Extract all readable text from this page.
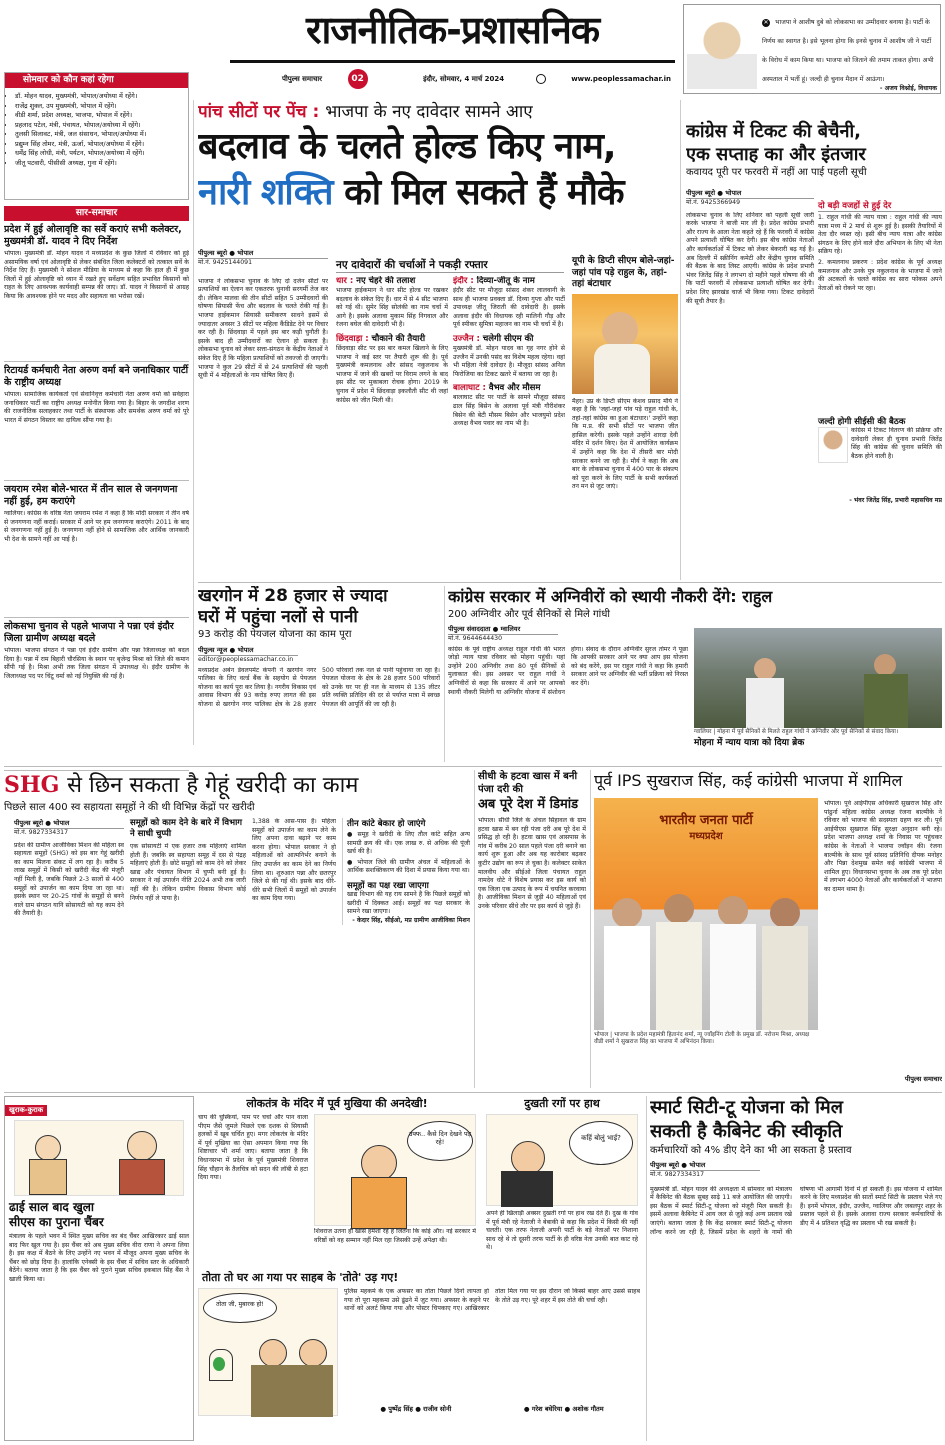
राजनीतिक-प्रशासनिक
पीपुल्स समाचार	02	इंदौर, सोमवार, 4 मार्च 2024	www.peoplessamachar.in
✕ भाजपा ने आशीष दुबे को लोकसभा का उम्मीदवार बनाया है। पार्टी के निर्णय का स्वागत है। इसे भूलना होगा कि इनसे चुनाव में आशीष जी ने पार्टी के विरोध में काम किया था। भाजपा को जिताने की तमाम ताकत होगा। अभी अस्पताल में भर्ती हूं। जल्दी ही चुनाव मैदान में आऊंगा।
- अजय विश्नोई, विधायक
सोमवार को कौन कहां रहेगा
• डॉ. मोहन यादव, मुख्यमंत्री, भोपाल/अयोध्या में रहेंगे।
• राजेंद्र शुक्ल, उप मुख्यमंत्री, भोपाल में रहेंगे।
• वीडी शर्मा, प्रदेश अध्यक्ष, भाजपा, भोपाल में रहेंगे।
• प्रहलाद पटेल, मंत्री, पंचायत, भोपाल/अयोध्या में रहेंगे।
• तुलसी सिलावट, मंत्री, जल संसाधन, भोपाल/अयोध्या में।
• प्रद्युम्न सिंह तोमर, मंत्री, ऊर्जा, भोपाल/अयोध्या में रहेंगे।
• धर्मेंद्र सिंह लोधी, मंत्री, पर्यटन, भोपाल/अयोध्या में रहेंगे।
• जीतू पटवारी, पीसीसी अध्यक्ष, गुना में रहेंगे।
सार-समाचार
प्रदेश में हुई ओलावृष्टि का सर्वे कराएं सभी कलेक्टर, मुख्यमंत्री डॉ. यादव ने दिए निर्देश
भोपाल। मुख्यमंत्री डॉ. मोहन यादव ने मध्यप्रदेश के कुछ जिलों में रविवार को हुई असामयिक वर्षा एवं ओलावृष्टि से लेकर संबंधित जिला कलेक्टरों को तत्काल सर्वे के निर्देश दिए हैं। मुख्यमंत्री ने सोशल मीडिया के माध्यम से कहा कि हाल ही में कुछ जिलों में हुई ओलावृष्टि को ध्यान में रखते हुए सर्वेक्षण सहित प्रभावित किसानों को राहत के लिए आवश्यक कार्यवाही सम्पन्न की जाए। डॉ. यादव ने किसानों से आग्रह किया कि आवश्यक होने पर मदद और सहायता का भरोसा रखें।
रिटायर्ड कर्मचारी नेता अरुण वर्मा बने जनाधिकार पार्टी के राष्ट्रीय अध्यक्ष
भोपाल। सामाजिक कार्यकर्ता एवं सेवानिवृत्त कर्मचारी नेता अरुण वर्मा को सर्वहारा जनाधिकार पार्टी का राष्ट्रीय अध्यक्ष मनोनीत किया गया है। बिहार के जगदीश शरण की राजनीतिक सलाहकार तथा पार्टी के संस्थापक और समर्थक अरुण वर्मा को पूरे भारत में संगठन विस्तार का दायित्व सौंपा गया है।
जयराम रमेश बोले-भारत में तीन साल से जनगणना नहीं हुई, हम कराएंगे
ग्वालियर। कांग्रेस के वरिष्ठ नेता जयराम रमेश ने कहा है कि मोदी सरकार ने तीन वर्ष से जनगणना नहीं कराई। सरकार में आने पर हम जनगणना कराएंगे। 2011 के बाद से जनगणना नहीं हुई है। जनगणना नहीं होने से सामाजिक और आर्थिक जानकारी भी देश के सामने नहीं आ पाई है।
लोकसभा चुनाव से पहले भाजपा ने पन्ना एवं इंदौर जिला ग्रामीण अध्यक्ष बदले
भोपाल। भाजपा संगठन ने पन्ना एवं इंदौर ग्रामीण और पन्ना जिलाध्यक्ष को बदल दिया है। पन्ना में राम बिहारी चौरसिया के स्थान पर बृजेन्द्र मिश्रा को जिले की कमान सौंपी गई है। मिश्रा अभी तक जिला संगठन में उपाध्यक्ष थे। इंदौर ग्रामीण के जिलाध्यक्ष पद पर चिंटू वर्मा को नई नियुक्ति की गई है।
पांच सीटों पर पेंच : भाजपा के नए दावेदार सामने आए
बदलाव के चलते होल्ड किए नाम,
नारी शक्ति को मिल सकते हैं मौके
पीपुल्स ब्यूरो ● भोपाल
मो.नं. 9425144091
भाजपा ने लोकसभा चुनाव के लिए दो दर्जन सीटों पर प्रत्याशियों का ऐलान कर एकतरफ चुनावी सरगर्मी तेज कर दी। लेकिन मालवा की तीन सीटों सहित 5 उम्मीदवारों की घोषणा सियासी फेंच और बदलाव के चलते रोकी गई है। भाजपा हाईकमान सियासी समीकरण साधने इसमें से ज्यादातर अवसर 3 सीटों पर महिला कैंडिडेट देने पर विचार कर रही है। छिंदवाड़ा में पहले इस बार कड़ी चुनौती है। इसके बाद ही उम्मीदवारों का ऐलान हो सकता है। लोकसभा चुनाव को लेकर सत्ता-संगठन के केंद्रीय नेताओं ने संकेत दिए हैं कि महिला प्रत्याशियों को तवज्जो दी जाएगी। भाजपा ने कुल 29 सीटों में से 24 प्रत्याशियों की पहली सूची में 4 महिलाओं के नाम घोषित किए हैं।
नए दावेदारों की चर्चाओं ने पकड़ी रफ्तार
धार : नए चेहरे की तलाश
भाजपा हाईकमान ने धार सीट होल्ड पर रखकर बदलाव के संकेत दिए हैं। धार में से 4 सीट भाजपा को गई थी। सुमेर सिंह सोलंकी का नाम चर्चा में आगे है। इसके अलावा मुकाम सिंह निगवाल और रंजना बघेल की दावेदारी भी है।
छिंदवाड़ा : चौकाने की तैयारी
छिंदवाड़ा सीट पर इस बार कमल खिलाने के लिए भाजपा ने कई स्तर पर तैयारी शुरू की है। पूर्व मुख्यमंत्री कमलनाथ और सांसद नकुलनाथ के भाजपा में जाने की खबरों पर विराम लगने के बाद इस सीट पर मुकाबला रोचक होगा। 2019 के चुनाव में प्रदेश में छिंदवाड़ा इकलौती सीट थी जहां कांग्रेस को जीत मिली थी।
इंदौर : दिव्या-जीतू के नाम
इंदौर सीट पर मौजूदा सांसद शंकर लालवानी के साथ ही भाजपा प्रवक्ता डॉ. दिव्या गुप्ता और पार्टी उपाध्यक्ष जीतू जिराती की दावेदारी है। इसके अलावा इंदौर की विधायक रही मालिनी गौड़ और पूर्व स्पीकर सुमित्रा महाजन का नाम भी चर्चा में है।
उज्जैन : चलेगी सीएम की
मुख्यमंत्री डॉ. मोहन यादव का गृह नगर होने से उज्जैन में उनकी पसंद का विशेष महत्व रहेगा। वहां भी महिला नेत्री दावेदार है। मौजूदा सांसद अनिल फिरोजिया का टिकट खतरे में बताया जा रहा है।
बालाघाट : वैभव और मौसम
बालाघाट सीट पर पार्टी के सामने मौजूदा सांसद ढाल सिंह बिसेन के अलावा पूर्व मंत्री गौरीशंकर बिसेन की बेटी मौसम बिसेन और भाजयुमो प्रदेश अध्यक्ष वैभव पवार का नाम भी है।
यूपी के डिप्टी सीएम बोले-जहां-जहां पांव पड़े राहुल के, तहां-तहां बंटाधार
मैहर। उप्र के डिप्टी सीएम केशव प्रसाद मौर्य ने कहा है कि 'जहां-जहां पांव पड़े राहुल गांधी के, तहां-तहां कांग्रेस का हुआ बंटाधार।' उन्होंने कहा कि म.प्र. की सभी सीटों पर भाजपा जीत हासिल करेगी। इसके पहले उन्होंने शारदा देवी मंदिर में दर्शन किए। देश में आयोजित कार्यक्रम में उन्होंने कहा कि देश में तीसरी बार मोदी सरकार बनने जा रही है। मौर्य ने कहा कि अब बार के लोकसभा चुनाव में 400 पार के संकल्प को पूरा करने के लिए पार्टी के सभी कार्यकर्ता तन मन से जुट जाएं।
कांग्रेस में टिकट की बेचैनी,
एक सप्ताह का और इंतजार
कवायद पूरी पर फरवरी में नहीं आ पाई पहली सूची
पीपुल्स ब्यूरो ● भोपाल
मो.नं. 9425366949
लोकसभा चुनाव के लिए शनिवार को पहली सूची जारी करके भाजपा ने बाजी मार ली है। प्रदेश कांग्रेस प्रभारी और राज्य के आला नेता कहते रहे हैं कि फरवरी में कांग्रेस अपने प्रत्याशी घोषित कर देगी। इस बीच कांग्रेस नेताओं और कार्यकर्ताओं में टिकट को लेकर बेकरारी बढ़ गई है। अब दिल्ली में स्क्रीनिंग कमेटी और केंद्रीय चुनाव समिति की बैठक के बाद लिस्ट आएगी। कांग्रेस के प्रदेश प्रभारी भंवर जितेंद्र सिंह ने लगभग दो महीने पहले घोषणा की थी कि पार्टी फरवरी में लोकसभा प्रत्याशी घोषित कर देगी। प्रदेश लिए झारखंड चार्ज भी किया गया। टिकट दावेदारों की सूची तैयार है।
दो बड़ी वजहों से हुई देर
1. राहुल गांधी की न्याय यात्रा : राहुल गांधी की न्याय यात्रा मध्य में 2 मार्च से शुरू हुई है। इसकी तैयारियों में नेता दौर व्यस्त रहे। इसी बीच न्याय यात्रा और कांग्रेस संगठन के लिए होने वाले दौरा अभियान के लिए भी नेता सक्रिय रहे।
2. कमलनाथ प्रकरण : प्रदेश कांग्रेस के पूर्व अध्यक्ष कमलनाथ और उनके पुत्र नकुलनाथ के भाजपा में जाने की अटकलों के चलते कांग्रेस का सारा फोकस अपने नेताओं को रोकने पर रहा।
जल्दी होगी सीईसी की बैठक
कांग्रेस में टिकट वितरण की प्रक्रिया और दावेदारी लेकर ही चुनाव प्रभारी जितेंद्र सिंह की कांग्रेस की चुनाव समिति की बैठक होने वाली है।
- भंवर जितेंद्र सिंह, प्रभारी महासचिव मप्र
खरगोन में 28 हजार से ज्यादा
घरों में पहुंचा नलों से पानी
93 करोड़ की पेयजल योजना का काम पूरा
पीपुल्स न्यूज ● भोपाल
editor@peoplessamachar.co.in
मध्यप्रदेश अर्बन डेवलपमेंट कंपनी ने खरगोन नगर पालिका के लिए वर्ल्ड बैंक के सहयोग से पेयजल योजना का कार्य पूरा कर लिया है। नगरीय विकास एवं आवास विभाग की 93 करोड़ रुपए लागत की इस योजना से खरगोन नगर पालिका क्षेत्र के 28 हजार 500 परिवारों तक नल से पानी पहुंचाया जा रहा है। पेयजल योजना के क्षेत्र के 28 हजार 500 परिवारों को उनके घर पर ही नल के माध्यम से 135 लीटर प्रति व्यक्ति प्रतिदिन की दर से पर्याप्त मात्रा में स्वच्छ पेयजल की आपूर्ति की जा रही है।
कांग्रेस सरकार में अग्निवीरों को स्थायी नौकरी देंगे: राहुल
200 अग्निवीर और पूर्व सैनिकों से मिले गांधी
पीपुल्स संवाददाता ● ग्वालियर
मो.नं. 9644644430
कांग्रेस के पूर्व राष्ट्रीय अध्यक्ष राहुल गांधी की भारत जोड़ो न्याय यात्रा रविवार को मोहना पहुंची। यहां उन्होंने 200 अग्निवीर तथा 80 पूर्व सैनिकों से मुलाकात की। इस अवसर पर राहुल गांधी ने अग्निवीरों से कहा कि सरकार में आने पर आपको स्थायी नौकरी मिलेगी या अग्निवीर योजना में संशोधन होगा। संवाद के दौरान अग्निवीर सुरज तोमर ने पूछा कि आपकी सरकार आने पर क्या आप इस योजना को बंद करेंगे, इस पर राहुल गांधी ने कहा कि हमारी सरकार आने पर अग्निवीर की भर्ती प्रक्रिया को निरस्त कर देंगे।
ग्वालियर | मोहना में पूर्व सैनिकों से मिलते राहुल गांधी ने अग्निवीर और पूर्व सैनिकों से संवाद किया।
मोहना में न्याय यात्रा को दिया ब्रेक
SHG से छिन सकता है गेहूं खरीदी का काम
पिछले साल 400 स्व सहायता समूहों ने की थी विभिन्न केंद्रों पर खरीदी
पीपुल्स ब्यूरो ● भोपाल
मो.नं. 9827334317
प्रदेश की ग्रामीण आजीविका मिशन की महिला स्व सहायता समूहों (SHG) को इस बार गेहूं खरीदी का काम मिलना संकट में लग रहा है। करीब 5 लाख समूहों में किसी को खरीदी केंद्र की मंजूरी नहीं मिली है, जबकि पिछले 2-3 सालों से 400 समूहों को उपार्जन का काम दिया जा रहा था। इसके स्थान पर 20-25 गांवों के समूहों से बनने वाले ग्राम संगठन यानि सोसायटी को यह काम देने की तैयारी है।
समूहों को काम देने के बारे में विभाग ने साधी चुप्पी
एक सोसायटी में एक हजार तक महिलाएं शामिल होती हैं। जबकि स्व सहायता समूह में दस से पंद्रह महिलाएं होती हैं। छोटे समूहों को काम देने को लेकर खाद्य और पंचायत विभाग में चुप्पी बनी हुई है। सरकार ने नई उपार्जन नीति 2024 अभी तक जारी नहीं की है। लेकिन ग्रामीण विकास विभाग कोई निर्णय नहीं ले पाया है।
1,388 के आस-पास है। महिला समूहों को उपार्जन का काम लेने के लिए अपना दावा बढ़ाने पर काम करना होगा। भोपाल सरकार ने हो महिलाओं को आत्मनिर्भर बनाने के लिए उपार्जन का काम देने का निर्णय लिया था। शुरुआत पन्ना और छतरपुर जिले से की गई थी। इसके बाद धीरे-धीरे सभी जिलों में समूहों को उपार्जन का काम दिया गया।
तीन कांटे बेकार हो जाएंगे
● समूह ने खरीदी के लिए तौल कांटे सहित अन्य सामग्री क्रय की थी। एक लाख रु. से अधिक की पूंजी खर्च की है।
● भोपाल जिले की ग्रामीण अंचल में महिलाओं के आर्थिक सशक्तिकरण की दिशा में प्रयास किया गया था।
समूहों का पक्ष रखा जाएगा
खाद्य विभाग की यह राय सामने है कि पिछले समूहों को खरीदी में दिक्कत आई। समूहों का पक्ष सरकार के सामने रखा जाएगा।
- केदार सिंह, सीईओ, मप्र ग्रामीण आजीविका मिशन
सीधी के हटवा खास में बनी पंजा दरी की
अब पूरे देश में डिमांड
भोपाल। सीधी जिले के अंचल सिहावल के ग्राम हटवा खास में बन रही पंजा दरी अब पूरे देश में प्रसिद्ध हो रही है। हटवा खास एवं आसपास के गांव में करीब 20 साल पहले पंजा दरी बनाने का कार्य शुरू हुआ और अब यह कारोबार बढ़कर कुटीर उद्योग का रूप ले चुका है। कलेक्टर साकेत मालवीय और सीईओ जिला पंचायत राहुल नामदेव धोटे ने विशेष प्रयास कर इस कार्य को एक जिला एक उत्पाद के रूप में चयनित करवाया है। आजीविका मिशन से जुड़ी 40 महिलाओं एवं उनके परिवार सीधे तौर पर इस कार्य से जुड़े हैं।
पूर्व IPS सुखराज सिंह, कई कांग्रेसी भाजपा में शामिल
भारतीय जनता पार्टी
मध्यप्रदेश
भोपाल | भाजपा के प्रदेश महामंत्री हितानंद शर्मा, न्यू ज्वॉइनिंग टोली के प्रमुख डॉ. नरोत्तम मिश्रा, अध्यक्ष वीडी शर्मा ने सुखराज सिंह का भाजपा में अभिनंदन किया।
भोपाल। पूर्व आईपीएस अधिकारी सुखराज सिंह और पांढुर्ना महिला कांग्रेस अध्यक्ष रंजना बाल्मीके ने रविवार को भाजपा की सदस्यता ग्रहण कर ली। पूर्व आईपीएस सुखराज सिंह सुरक्षा अनुदान बनी रहे। प्रदेश भाजपा अध्यक्ष शर्मा के निवास पर पहुंचकर कांग्रेस के नेताओं ने भाजपा ज्वॉइन की। रंजना बाल्मीके के साथ पूर्व सांसद प्रतिनिधि दीपक मनोहर और पिन्ना देशमुख समेत कई कांग्रेसी भाजपा में शामिल हुए। विधानसभा चुनाव के अब तक पूरे प्रदेश में लगभग 4000 नेताओं और कार्यकर्ताओं ने भाजपा का दामन थामा है।
पीपुल्स समाचार
खुराक-कुराक
ढाई साल बाद खुला
सीएस का पुराना चैंबर
मंत्रालय के पहले भवन में स्थित मुख्य सचिव का बंद चैंबर आखिरकार ढाई साल बाद फिर खुल गया है। इस चैंबर को अब मुख्य सचिव वीरा राणा ने अपना लिया है। इस कक्ष में बैठने के लिए उन्होंने नए भवन में मौजूद अपना मुख्य सचिव के चैंबर को छोड़ दिया है। हालांकि एनेक्सी के इस चैंबर में सचिव स्तर के अधिकारी बैठेंगे। बताया जाता है कि इस चैंबर को पुराने मुख्य सचिव इकबाल सिंह बैंस ने खाली किया था।
लोकतंत्र के मंदिर में पूर्व मुखिया की अनदेखी!
चाय की चुस्कियां, पाम पर चर्चा और पान वाला पीएम जैसे जुमले पिछले एक दशक से सियासी हलकों में खूब चर्चित हुए। मगर लोकतंत्र के मंदिर में पूर्व मुखिया का ऐसा अपमान किया गया कि शिष्टाचार भी शर्मा जाए। बताया जाता है कि विधानसभा में प्रदेश के पूर्व मुख्यमंत्री शिवराज सिंह चौहान के तैलचित्र को सदन की लॉबी से हटा दिया गया।
उफ्फ.. कैसे दिन देखने पड़ रहे!
शिवराज उतना ही खास हमेशा रहे हैं जितना कि कोई और। नई सरकार में वरिष्ठों को वह सम्मान नहीं मिल रहा जिसकी उन्हें अपेक्षा थी।
दुखती रगों पर हाथ
कहिं बोलुं भाई?
अपने ही खिलाड़ी अक्सर दुखती रगों पर हाथ रख देते हैं। दुख के गांव में पूर्व मंत्री रहे नेताजी ने बेबाकी से कहा कि प्रदेश में किसी की नहीं चलती। एक तरफ नेताजी अपनी पार्टी के बड़े नेताओं पर निशाना साध रहे थे तो दूसरी तरफ पार्टी के ही वरिष्ठ नेता उनकी बात काट रहे थे।
तोता तो घर आ गया पर साहब के 'तोते' उड़ गए!
तोता जी, मुबारक हो!
पुलिस महकमे के एक अफसर का तोता पिछले दिनों लापता हो गया तो पूरा महकमा उसे ढूंढने में जुट गया। अफसर के कहने पर थानों को अलर्ट किया गया और पोस्टर चिपकाए गए। आखिरकार तोता मिल गया पर इस दौरान जो किस्से बाहर आए उससे साहब के तोते उड़ गए। पूरे शहर में इस तोते की चर्चा रही।
● पुष्पेंद्र सिंह ● राजीव सोनी	● गरेश बघेरिया ● अशोक गौतम
स्मार्ट सिटी-टू योजना को मिल
सकती है कैबिनेट की स्वीकृति
कर्मचारियों को 4% डीए देने का भी आ सकता है प्रस्ताव
पीपुल्स ब्यूरो ● भोपाल
मो.नं. 9827334317
मुख्यमंत्री डॉ. मोहन यादव की अध्यक्षता में सोमवार को मंत्रालय में कैबिनेट की बैठक सुबह साढ़े 11 बजे आयोजित की जाएगी। इस बैठक में स्मार्ट सिटी-टू योजना को मंजूरी मिल सकती है। इसमें अलावा कैबिनेट में आय जल से जुड़े कई अन्य प्रस्ताव रखे जाएंगे। बताया जाता है कि केंद्र सरकार स्मार्ट सिटी-टू योजना लॉन्च करने जा रही है, जिसमें प्रदेश के शहरों के नामों की घोषणा भी आगामी दिनों में हो सकती है। इस योजना में शामिल करने के लिए मध्यप्रदेश की सातों स्मार्ट सिटी के प्रस्ताव भेजे गए हैं। इनमें भोपाल, इंदौर, उज्जैन, ग्वालियर और जबलपुर शहर के प्रस्ताव पहले से हैं। इसके अलावा राज्य सरकार कर्मचारियों के डीए में 4 प्रतिशत वृद्धि का प्रस्ताव भी रख सकती है।
